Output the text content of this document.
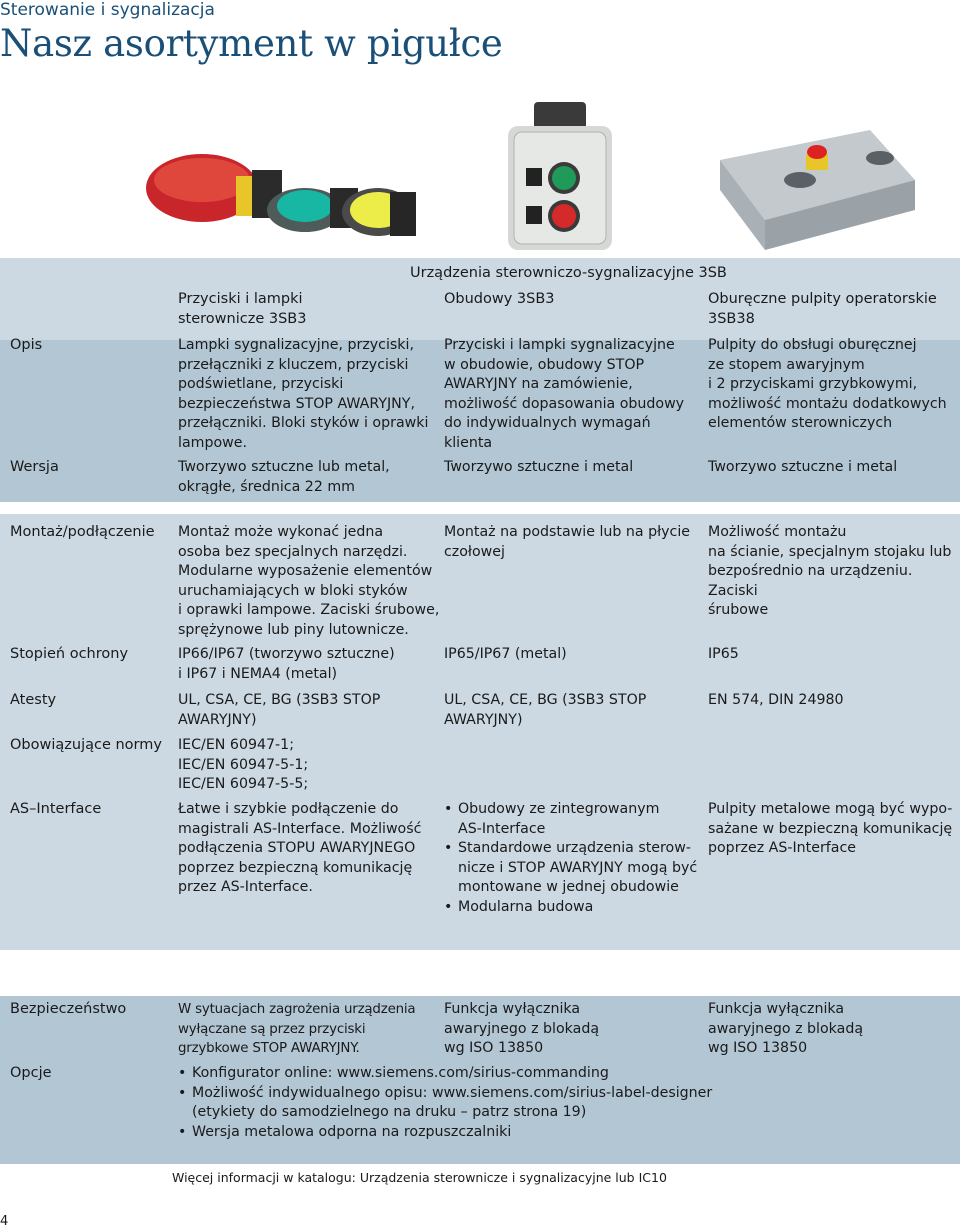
Sterowanie i sygnalizacja
Nasz asortyment w pigułce
Urządzenia sterowniczo-sygnalizacyjne 3SB
Przyciski i lampki
sterownicze 3SB3
Obudowy 3SB3	Oburęczne pulpity operatorskie
3SB38
Opis	Lampki sygnalizacyjne, przyciski,
przełączniki z kluczem, przyciski
podświetlane, przyciski
bezpieczeństwa STOP AWARYJNY,
przełączniki. Bloki styków i oprawki
lampowe.
Przyciski i lampki sygnalizacyjne
w obudowie, obudowy STOP
AWARYJNY na zamówienie,
możliwość dopasowania obudowy
do indywidualnych wymagań
klienta
Pulpity do obsługi oburęcznej
ze stopem awaryjnym
i 2 przyciskami grzybkowymi,
możliwość montażu dodatkowych
elementów sterowniczych
Wersja	Tworzywo sztuczne lub metal,
okrągłe, średnica 22 mm
Tworzywo sztuczne i metal	Tworzywo sztuczne i metal
Montaż/podłączenie Montaż może wykonać jedna
osoba bez specjalnych narzędzi.
Modularne wyposażenie elementów
uruchamiających w bloki styków
i oprawki lampowe. Zaciski śrubowe,
sprężynowe lub piny lutownicze.
Montaż na podstawie lub na płycie
czołowej
Możliwość montażu
na ścianie, specjalnym stojaku lub
bezpośrednio na urządzeniu. Zaciski
śrubowe
Stopień ochrony	IP66/IP67 (tworzywo sztuczne)
i IP67 i NEMA4 (metal)
IP65/IP67 (metal)	IP65
Atesty	UL, CSA, CE, BG (3SB3 STOP
AWARYJNY)
UL, CSA, CE, BG (3SB3 STOP
AWARYJNY)
EN 574, DIN 24980
Obowiązujące normy IEC/EN 60947-1;
IEC/EN 60947-5-1;
IEC/EN 60947-5-5;
AS–Interface	Łatwe i szybkie podłączenie do
magistrali AS-Interface. Możliwość
podłączenia STOPU AWARYJNEGO
poprzez bezpieczną komunikację
przez AS-Interface.
• Obudowy ze zintegrowanym
AS-Interface
• Standardowe urządzenia sterow-
nicze i STOP AWARYJNY mogą być
montowane w jednej obudowie
• Modularna budowa
Pulpity metalowe mogą być wypo-
sażane w bezpieczną komunikację
poprzez AS-Interface
Bezpieczeństwo	W sytuacjach zagrożenia urządzenia
wyłączane są przez przyciski
grzybkowe STOP AWARYJNY.
Funkcja wyłącznika
awaryjnego z blokadą
wg ISO 13850
Funkcja wyłącznika
awaryjnego z blokadą
wg ISO 13850
Opcje
•	Konfigurator online: www.siemens.com/sirius-commanding
• Możliwość indywidualnego opisu: www.siemens.com/sirius-label-designer
(etykiety do samodzielnego na druku – patrz strona 19)
• Wersja metalowa odporna na rozpuszczalniki
Więcej informacji w katalogu: Urządzenia sterownicze i sygnalizacyjne lub IC10
4
